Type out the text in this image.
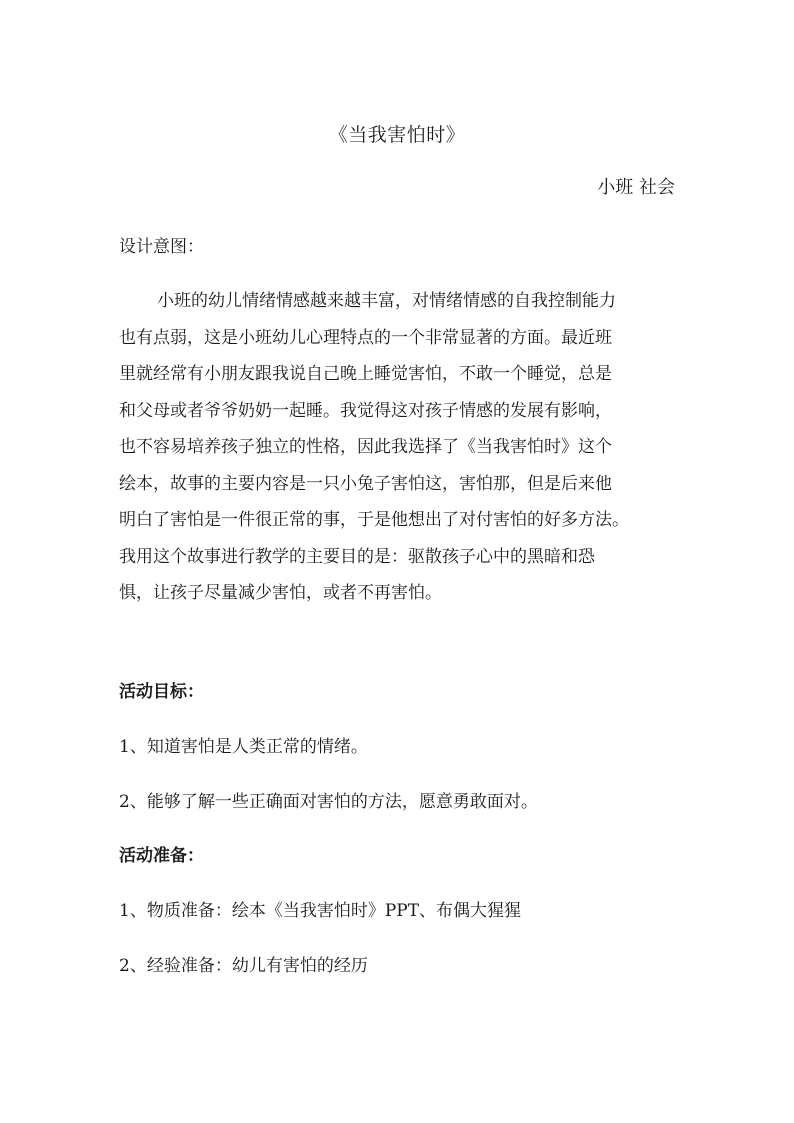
《当我害怕时》
小班 社会
设计意图：
小班的幼儿情绪情感越来越丰富，对情绪情感的自我控制能力
也有点弱，这是小班幼儿心理特点的一个非常显著的方面。最近班
里就经常有小朋友跟我说自己晚上睡觉害怕，不敢一个睡觉，总是
和父母或者爷爷奶奶一起睡。我觉得这对孩子情感的发展有影响，
也不容易培养孩子独立的性格，因此我选择了《当我害怕时》这个
绘本，故事的主要内容是一只小兔子害怕这，害怕那，但是后来他
明白了害怕是一件很正常的事，于是他想出了对付害怕的好多方法。
我用这个故事进行教学的主要目的是：驱散孩子心中的黑暗和恐
惧，让孩子尽量减少害怕，或者不再害怕。
活动目标：
1、知道害怕是人类正常的情绪。
2、能够了解一些正确面对害怕的方法，愿意勇敢面对。
活动准备：
1、物质准备：绘本《当我害怕时》PPT、布偶大猩猩
2、经验准备：幼儿有害怕的经历
